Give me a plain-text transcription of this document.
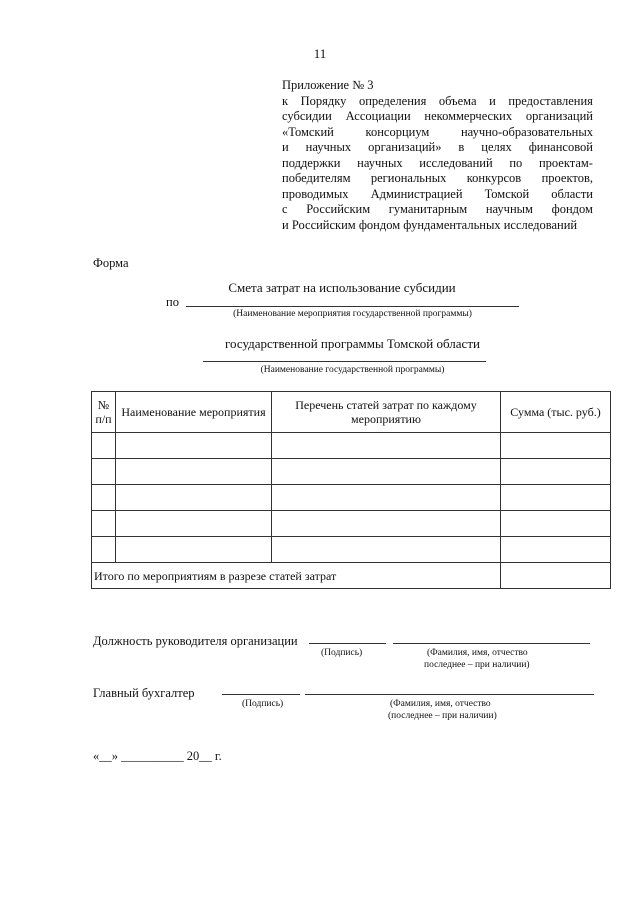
11
Приложение № 3
к Порядку определения объема и предоставления
субсидии Ассоциации некоммерческих организаций
«Томский	консорциум	научно-образовательных
и научных организаций» в целях финансовой
поддержки научных исследований по проектам-
победителям региональных конкурсов проектов,
проводимых Администрацией Томской области
с Российским гуманитарным научным фондом
и Российским фондом фундаментальных исследований
Форма
Смета затрат на использование субсидии
по
(Наименование мероприятия государственной программы)
государственной программы Томской области
(Наименование государственной программы)
№ п/п	Наименование мероприятия	Перечень статей затрат по каждому мероприятию	Сумма (тыс. руб.)

Итого по мероприятиям в разрезе статей затрат			
Должность руководителя организации
(Подпись)	(Фамилия, имя, отчество
последнее – при наличии)
Главный бухгалтер
(Подпись)	(Фамилия, имя, отчество
(последнее – при наличии)
«__» __________ 20__ г.
